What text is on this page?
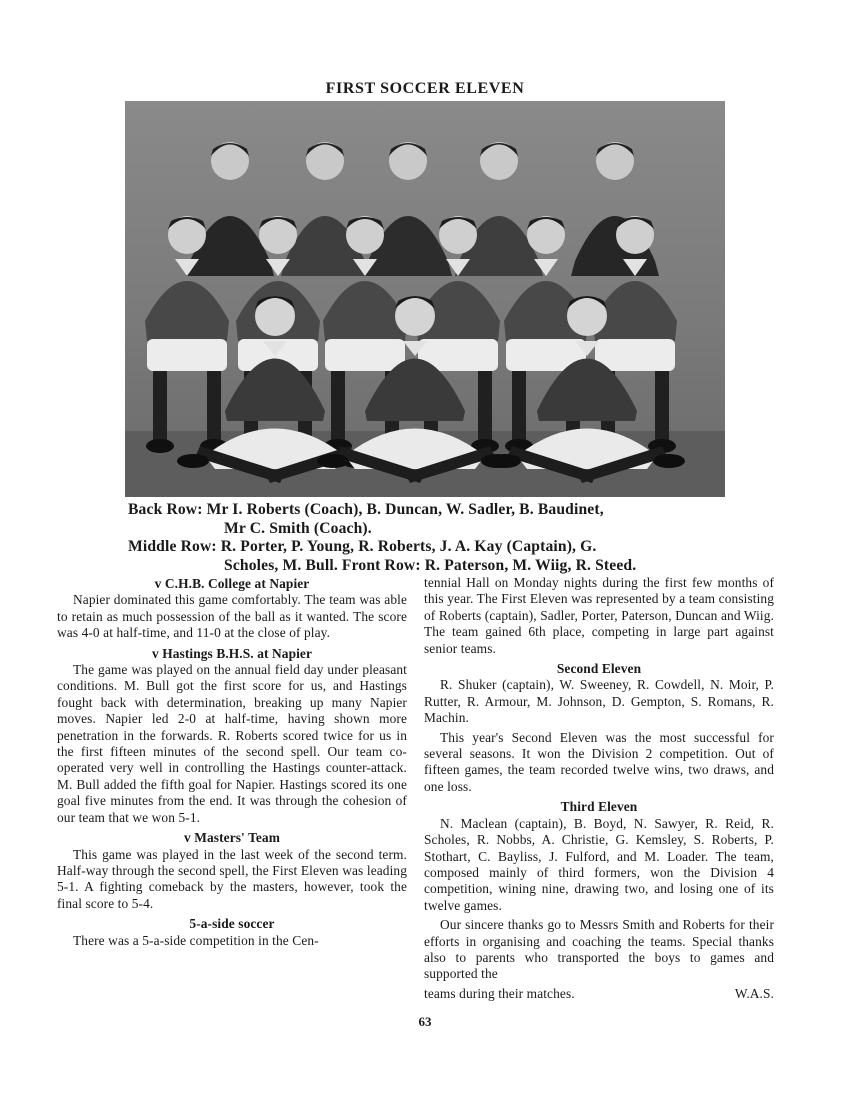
FIRST SOCCER ELEVEN
Back Row: Mr I. Roberts (Coach), B. Duncan, W. Sadler, B. Baudinet,
Mr C. Smith (Coach).
Middle Row: R. Porter, P. Young, R. Roberts, J. A. Kay (Captain), G.
Scholes, M. Bull. Front Row: R. Paterson, M. Wiig, R. Steed.
v C.H.B. College at Napier

Napier dominated this game comfortably. The team was able to retain as much possession of the ball as it wanted. The score was 4-0 at half-time, and 11-0 at the close of play.

v Hastings B.H.S. at Napier

The game was played on the annual field day under pleasant conditions. M. Bull got the first score for us, and Hastings fought back with determination, breaking up many Napier moves. Napier led 2-0 at half-time, having shown more penetration in the forwards. R. Roberts scored twice for us in the first fifteen minutes of the second spell. Our team co-operated very well in controlling the Hastings counter-attack. M. Bull added the fifth goal for Napier. Hastings scored its one goal five minutes from the end. It was through the cohesion of our team that we won 5-1.

v Masters' Team

This game was played in the last week of the second term. Half-way through the second spell, the First Eleven was leading 5-1. A fighting comeback by the masters, however, took the final score to 5-4.

5-a-side soccer

There was a 5-a-side competition in the Cen-

tennial Hall on Monday nights during the first few months of this year. The First Eleven was represented by a team consisting of Roberts (captain), Sadler, Porter, Paterson, Duncan and Wiig. The team gained 6th place, competing in large part against senior teams.

Second Eleven

R. Shuker (captain), W. Sweeney, R. Cowdell, N. Moir, P. Rutter, R. Armour, M. Johnson, D. Gempton, S. Romans, R. Machin.

This year's Second Eleven was the most successful for several seasons. It won the Division 2 competition. Out of fifteen games, the team recorded twelve wins, two draws, and one loss.

Third Eleven

N. Maclean (captain), B. Boyd, N. Sawyer, R. Reid, R. Scholes, R. Nobbs, A. Christie, G. Kemsley, S. Roberts, P. Stothart, C. Bayliss, J. Fulford, and M. Loader. The team, composed mainly of third formers, won the Division 4 competition, wining nine, drawing two, and losing one of its twelve games.

Our sincere thanks go to Messrs Smith and Roberts for their efforts in organising and coaching the teams. Special thanks also to parents who transported the boys to games and supported the

teams during their matches.	W.A.S.
63
